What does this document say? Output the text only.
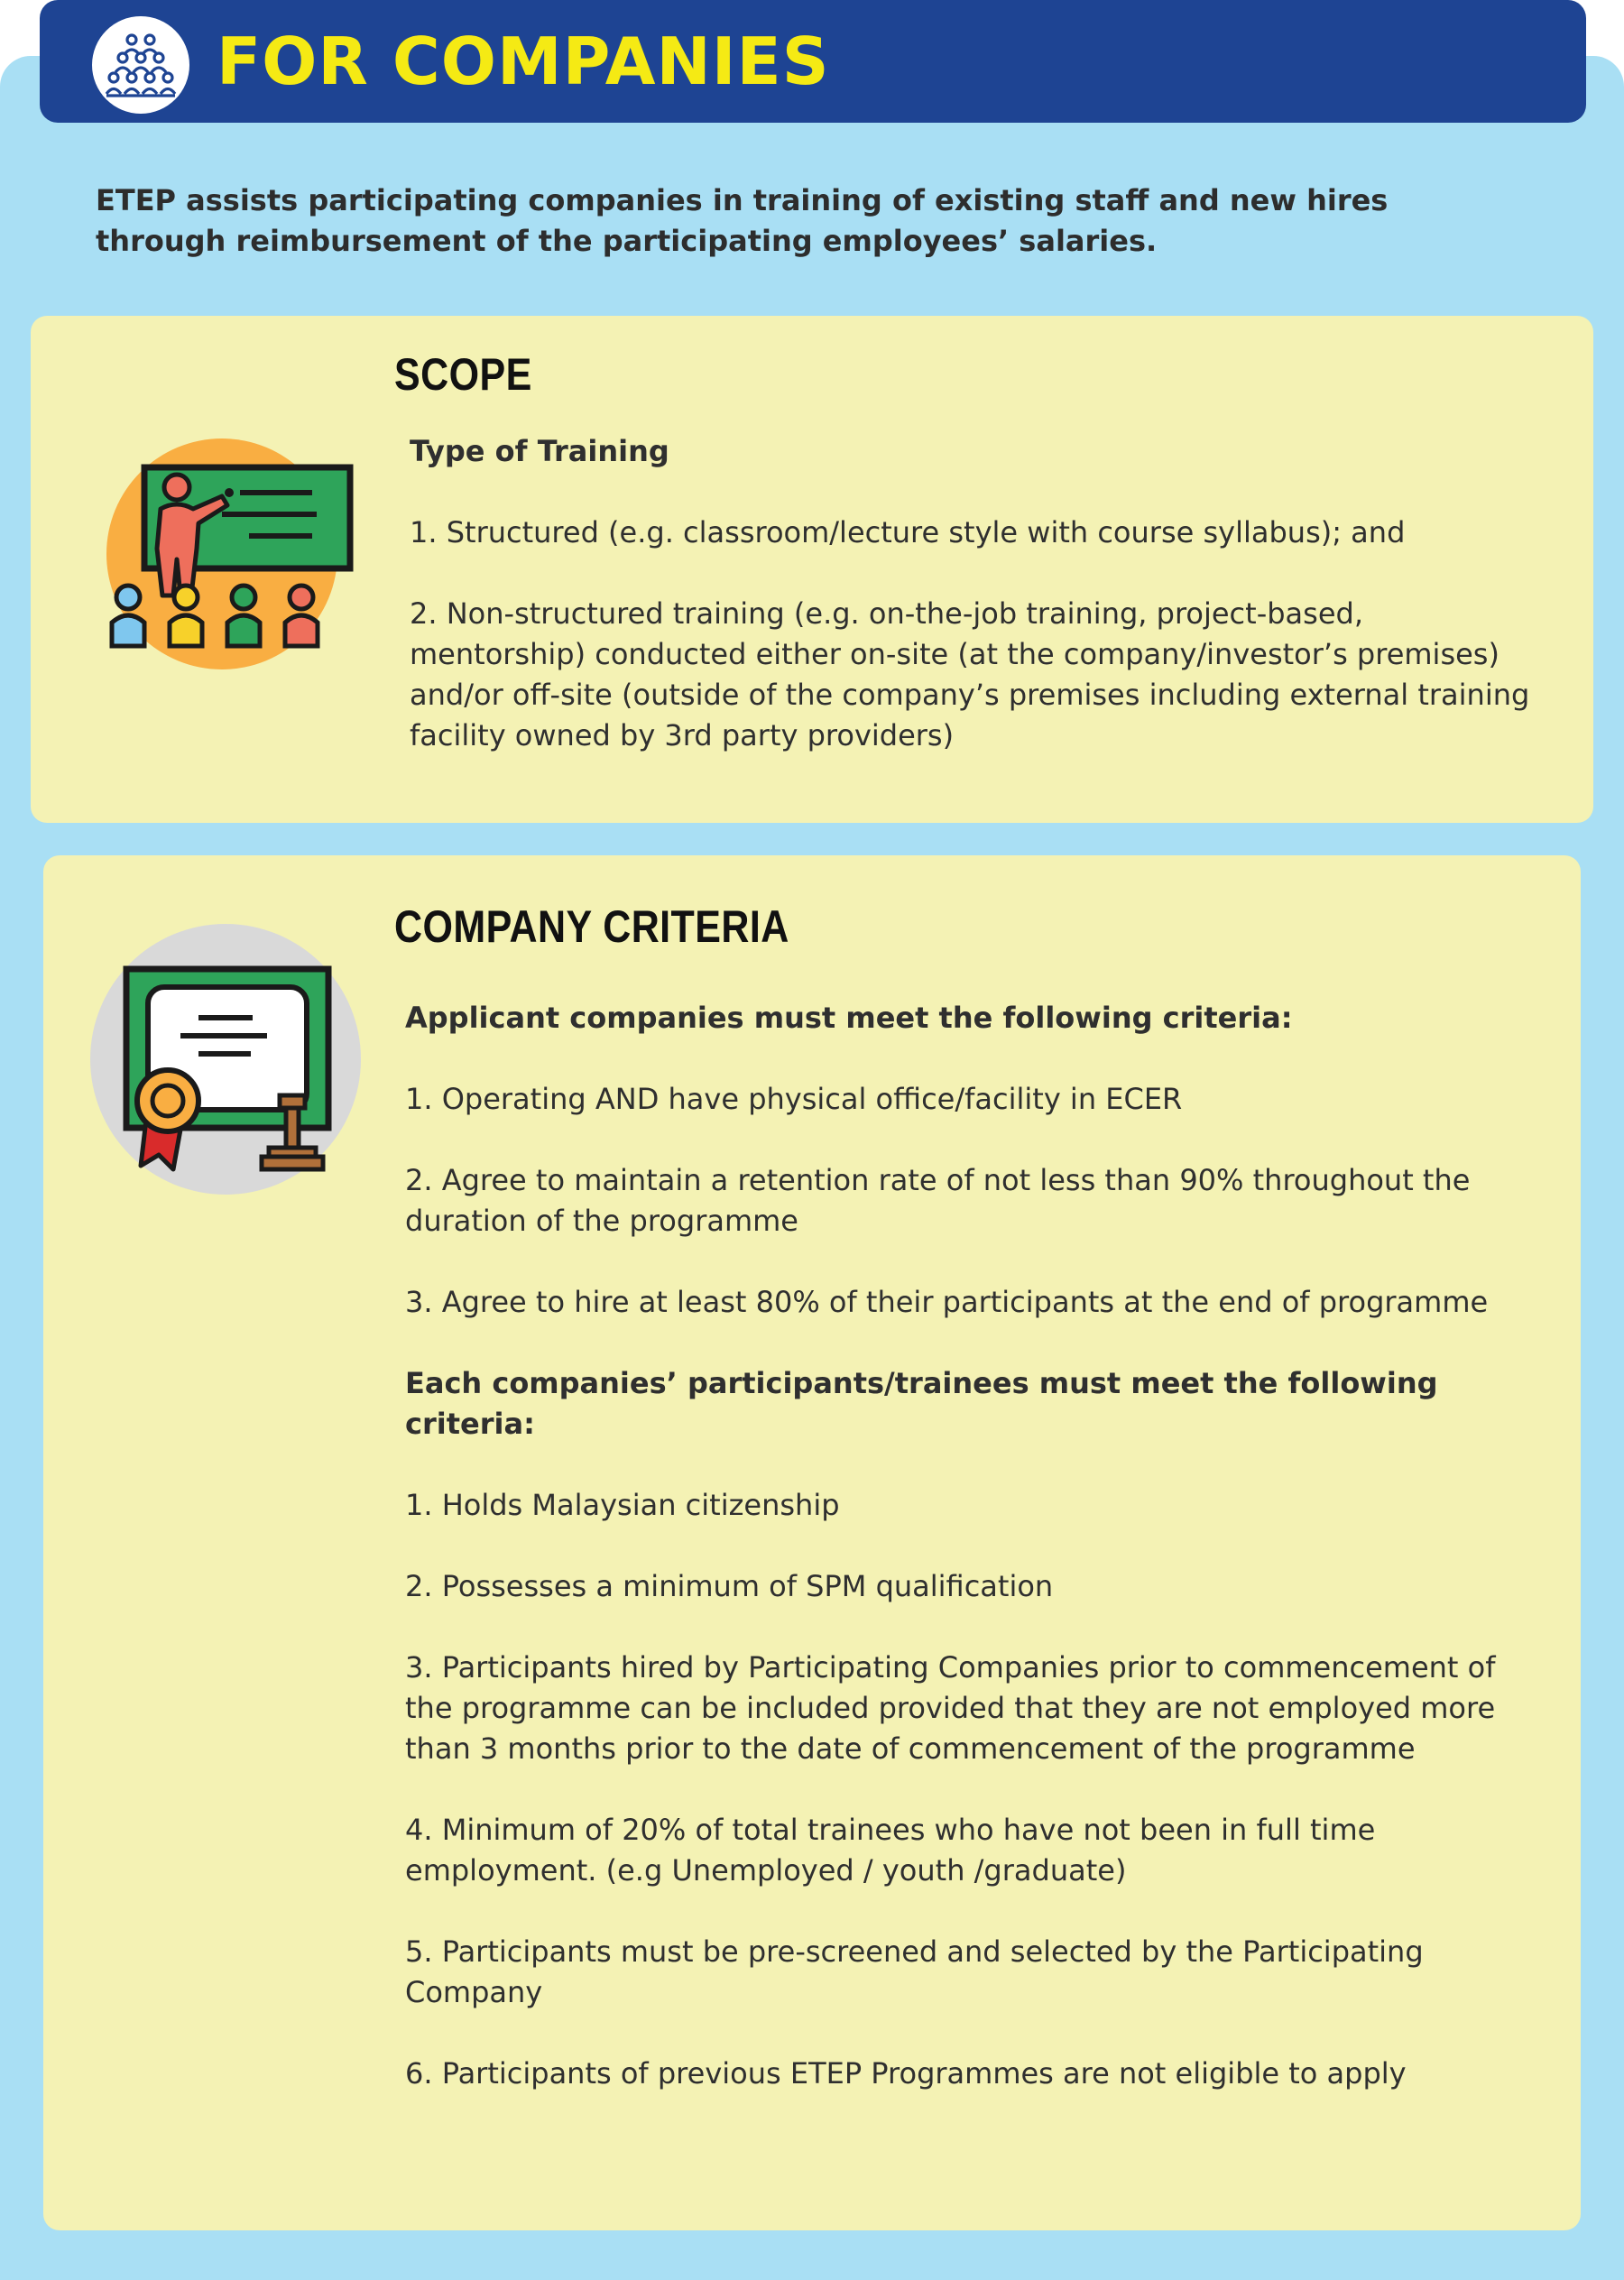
FOR COMPANIES
ETEP assists participating companies in training of existing staff and new hires through reimbursement of the participating employees’ salaries.
SCOPE

Type of Training

1. Structured (e.g. classroom/lecture style with course syllabus); and

2. Non-structured training (e.g. on-the-job training, project-based, mentorship) conducted either on-site (at the company/investor’s premises) and/or off-site (outside of the company’s premises including external training facility owned by 3rd party providers)

COMPANY CRITERIA

Applicant companies must meet the following criteria:

1. Operating AND have physical office/facility in ECER

2. Agree to maintain a retention rate of not less than 90% throughout the duration of the programme

3. Agree to hire at least 80% of their participants at the end of programme

Each companies’ participants/trainees must meet the following criteria:

1. Holds Malaysian citizenship

2. Possesses a minimum of SPM qualification

3. Participants hired by Participating Companies prior to commencement of the programme can be included provided that they are not employed more than 3 months prior to the date of commencement of the programme

4. Minimum of 20% of total trainees who have not been in full time employment. (e.g Unemployed / youth /graduate)

5. Participants must be pre-screened and selected by the Participating Company

6. Participants of previous ETEP Programmes are not eligible to apply
